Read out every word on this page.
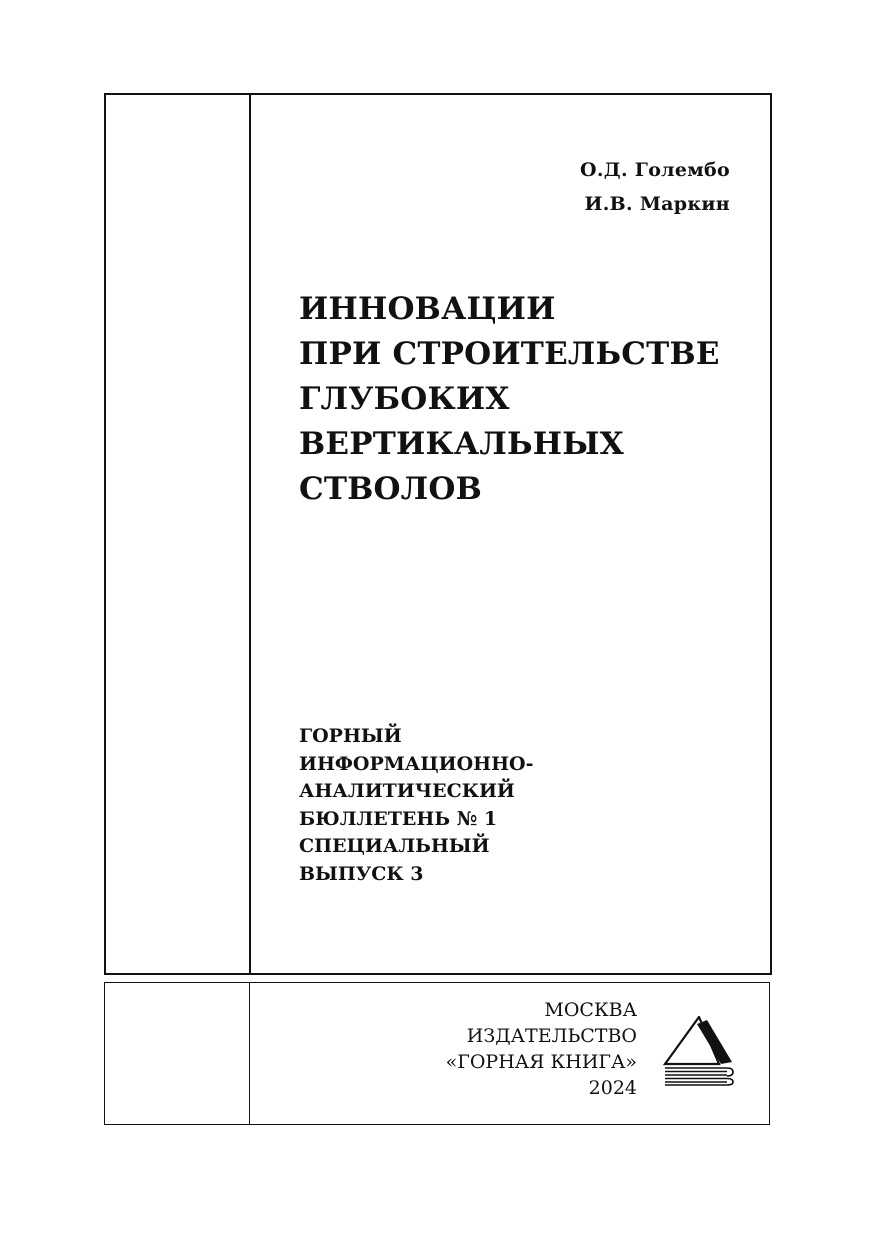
О.Д. Голембо
И.В. Маркин
ИННОВАЦИИ
ПРИ СТРОИТЕЛЬСТВЕ
ГЛУБОКИХ
ВЕРТИКАЛЬНЫХ
СТВОЛОВ
ГОРНЫЙ
ИНФОРМАЦИОННО-
АНАЛИТИЧЕСКИЙ
БЮЛЛЕТЕНЬ № 1
СПЕЦИАЛЬНЫЙ
ВЫПУСК 3
МОСКВА
ИЗДАТЕЛЬСТВО
«ГОРНАЯ КНИГА»
2024
